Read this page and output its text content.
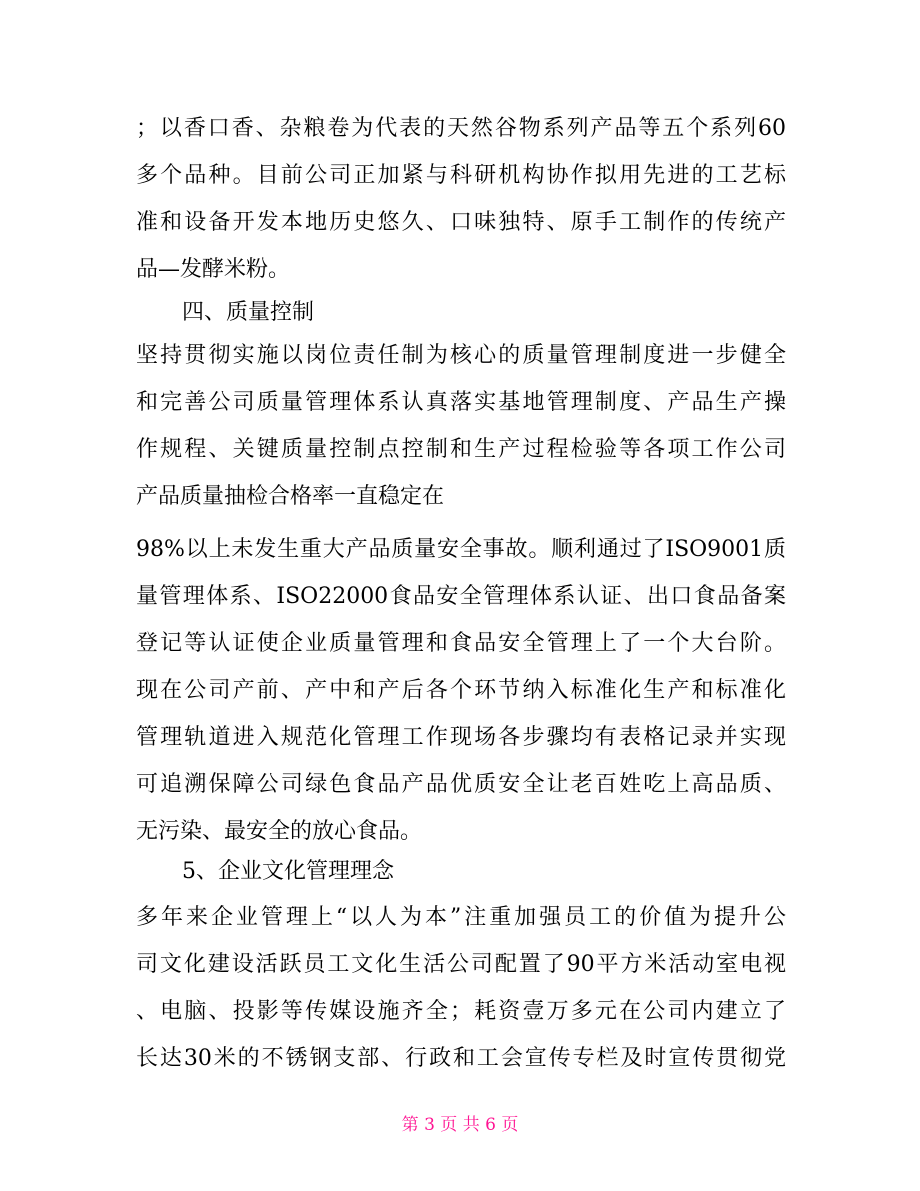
；以香口香、杂粮卷为代表的天然谷物系列产品等五个系列60
多个品种。目前公司正加紧与科研机构协作拟用先进的工艺标
准和设备开发本地历史悠久、口味独特、原手工制作的传统产
品—发酵米粉。
四、质量控制
坚持贯彻实施以岗位责任制为核心的质量管理制度进一步健全
和完善公司质量管理体系认真落实基地管理制度、产品生产操
作规程、关键质量控制点控制和生产过程检验等各项工作公司
产品质量抽检合格率一直稳定在
98%以上未发生重大产品质量安全事故。顺利通过了ISO9001质
量管理体系、ISO22000食品安全管理体系认证、出口食品备案
登记等认证使企业质量管理和食品安全管理上了一个大台阶。
现在公司产前、产中和产后各个环节纳入标准化生产和标准化
管理轨道进入规范化管理工作现场各步骤均有表格记录并实现
可追溯保障公司绿色食品产品优质安全让老百姓吃上高品质、
无污染、最安全的放心食品。
5、企业文化管理理念
多年来企业管理上“以人为本”注重加强员工的价值为提升公
司文化建设活跃员工文化生活公司配置了90平方米活动室电视
、电脑、投影等传媒设施齐全；耗资壹万多元在公司内建立了
长达30米的不锈钢支部、行政和工会宣传专栏及时宣传贯彻党
第 3 页 共 6 页
